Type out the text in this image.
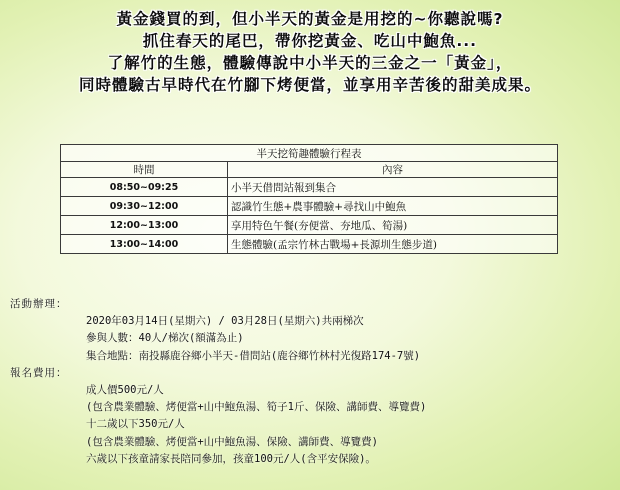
黃金錢買的到，但小半天的黃金是用挖的~你聽說嗎?
抓住春天的尾巴，帶你挖黃金、吃山中鮑魚...
了解竹的生態，體驗傳說中小半天的三金之一「黃金」，
同時體驗古早時代在竹腳下烤便當，並享用辛苦後的甜美成果。
半天挖筍趣體驗行程表	
時間	內容
08:50~09:25	小半天借問站報到集合
09:30~12:00	認識竹生態+農事體驗+尋找山中鮑魚
12:00~13:00	享用特色午餐(夯便當、夯地瓜、筍湯)
13:00~14:00	生態體驗(孟宗竹林古戰場+長源圳生態步道)
活動辦理：
2020年03月14日(星期六) / 03月28日(星期六)共兩梯次
參與人數：40人/梯次(額滿為止)
集合地點：南投縣鹿谷鄉小半天-借問站(鹿谷鄉竹林村光復路174-7號)
報名費用：
成人價500元/人
(包含農業體驗、烤便當+山中鮑魚湯、筍子1斤、保險、講師費、導覽費)
十二歲以下350元/人
(包含農業體驗、烤便當+山中鮑魚湯、保險、講師費、導覽費)
六歲以下孩童請家長陪同參加，孩童100元/人(含平安保險)。
